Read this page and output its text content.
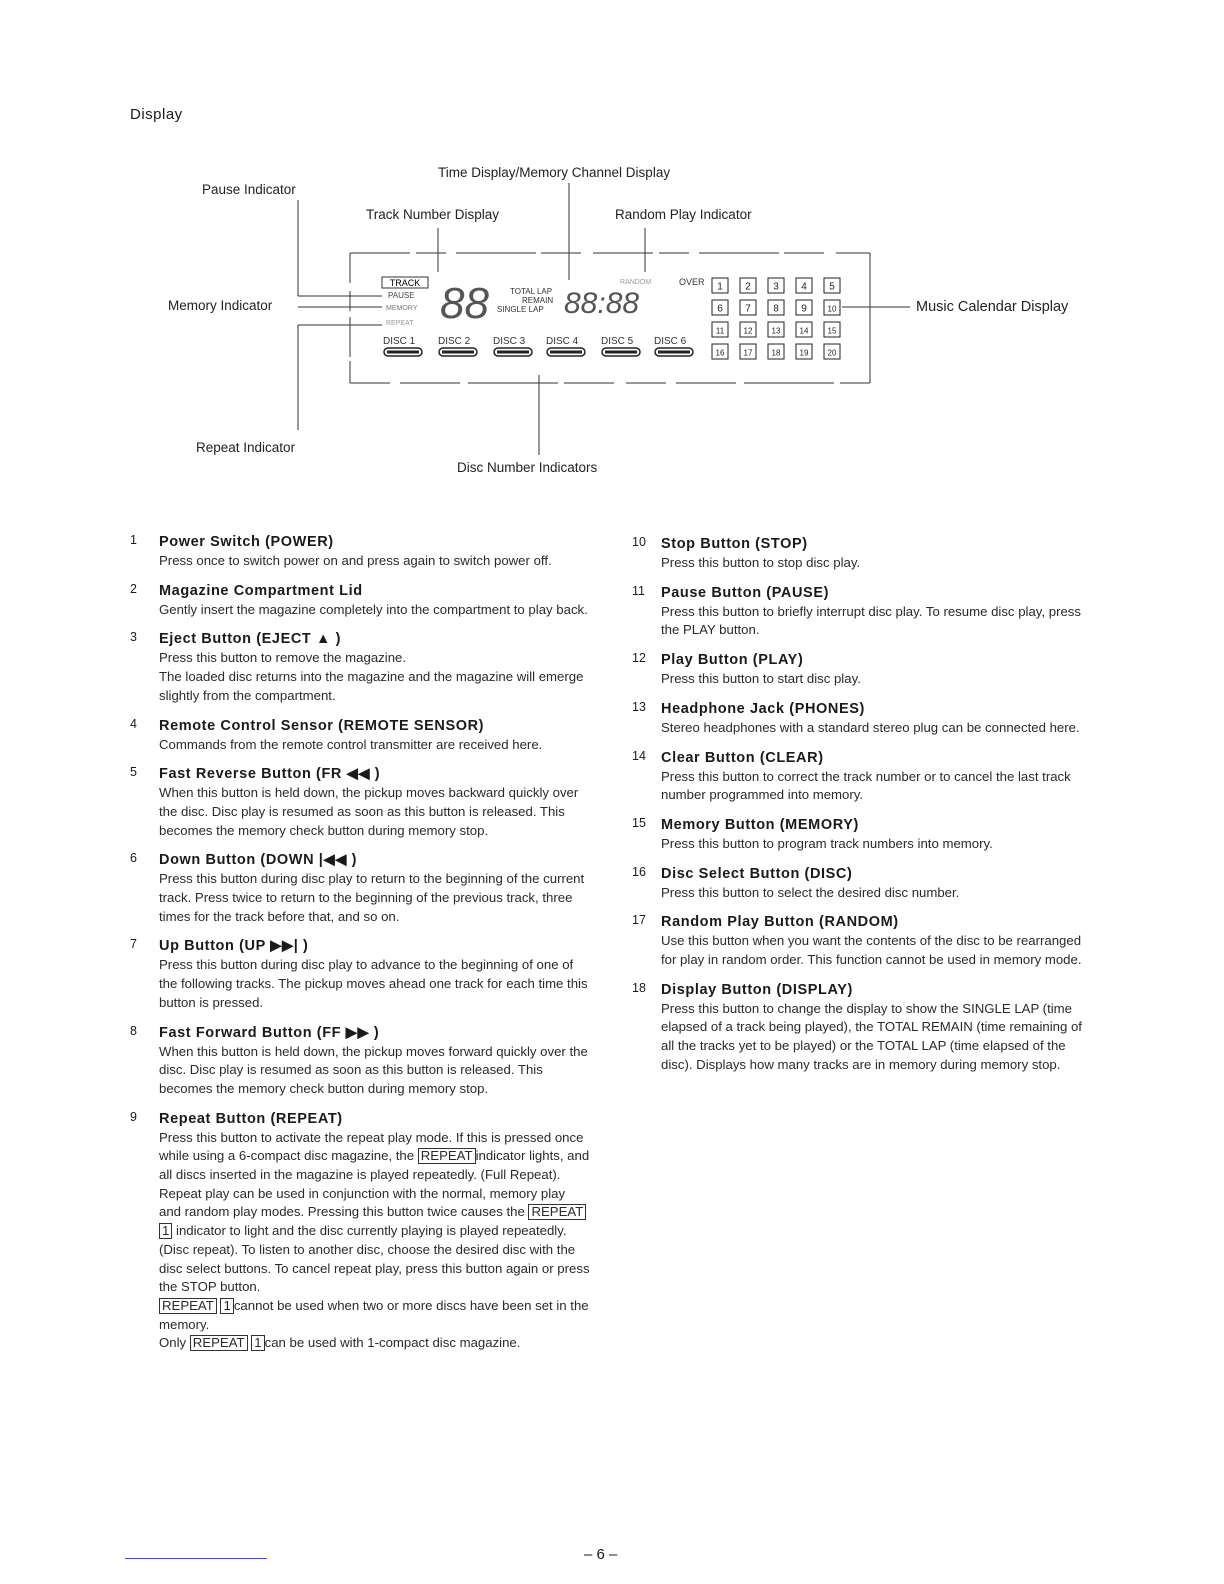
Display
TRACK
PAUSE
MEMORY
REPEAT 88	TOTAL LAP
REMAIN
SINGLE LAP 88:88
RANDOM	OVER
DISC 1 DISC 2 DISC 3 DISC 4 DISC 5 DISC 6
1 2 3 4 5
6 7 8 9	10
11 12 13 14 15
16 17 18 19 20
Time Display/Memory Channel Display
Pause Indicator
Track Number Display	Random Play Indicator
Memory Indicator	Music Calendar Display
Repeat Indicator
Disc Number Indicators
1 Power Switch (POWER)
Press once to switch power on and press again to switch power off.
2 Magazine Compartment Lid
Gently insert the magazine completely into the compartment to play back.
3 Eject Button (EJECT ▲ )

Press this button to remove the magazine.

The loaded disc returns into the magazine and the magazine will emerge slightly from the compartment.

4 Remote Control Sensor (REMOTE SENSOR)
Commands from the remote control transmitter are received here.
5 Fast Reverse Button (FR ◀◀ )
When this button is held down, the pickup moves backward quickly over the disc. Disc play is resumed as soon as this button is released. This becomes the memory check button during memory stop.
6 Down Button (DOWN |◀◀ )
Press this button during disc play to return to the beginning of the current track. Press twice to return to the beginning of the previous track, three times for the track before that, and so on.
7 Up Button (UP ▶▶| )
Press this button during disc play to advance to the beginning of one of the following tracks. The pickup moves ahead one track for each time this button is pressed.
8 Fast Forward Button (FF ▶▶ )
When this button is held down, the pickup moves forward quickly over the disc. Disc play is resumed as soon as this button is released. This becomes the memory check button during memory stop.
9 Repeat Button (REPEAT)
Press this button to activate the repeat play mode. If this is pressed once while using a 6-compact disc magazine, the REPEAT indicator lights, and all discs inserted in the magazine is played repeatedly. (Full Repeat). Repeat play can be used in conjunction with the normal, memory play and random play modes. Pressing this button twice causes the REPEAT 1 indicator to light and the disc currently playing is played repeatedly. (Disc repeat). To listen to another disc, choose the desired disc with the disc select buttons. To cancel repeat play, press this button again or press the STOP button.
REPEAT 1 cannot be used when two or more discs have been set in the memory.
Only REPEAT 1 can be used with 1-compact disc magazine.
10 Stop Button (STOP)
Press this button to stop disc play.
11 Pause Button (PAUSE)
Press this button to briefly interrupt disc play. To resume disc play, press the PLAY button.
12 Play Button (PLAY)
Press this button to start disc play.
13 Headphone Jack (PHONES)
Stereo headphones with a standard stereo plug can be connected here.
14 Clear Button (CLEAR)
Press this button to correct the track number or to cancel the last track number programmed into memory.
15 Memory Button (MEMORY)
Press this button to program track numbers into memory.
16 Disc Select Button (DISC)
Press this button to select the desired disc number.
17 Random Play Button (RANDOM)
Use this button when you want the contents of the disc to be rearranged for play in random order. This function cannot be used in memory mode.
18 Display Button (DISPLAY)
Press this button to change the display to show the SINGLE LAP (time elapsed of a track being played), the TOTAL REMAIN (time remaining of all the tracks yet to be played) or the TOTAL LAP (time elapsed of the disc). Displays how many tracks are in memory during memory stop.
– 6 –
